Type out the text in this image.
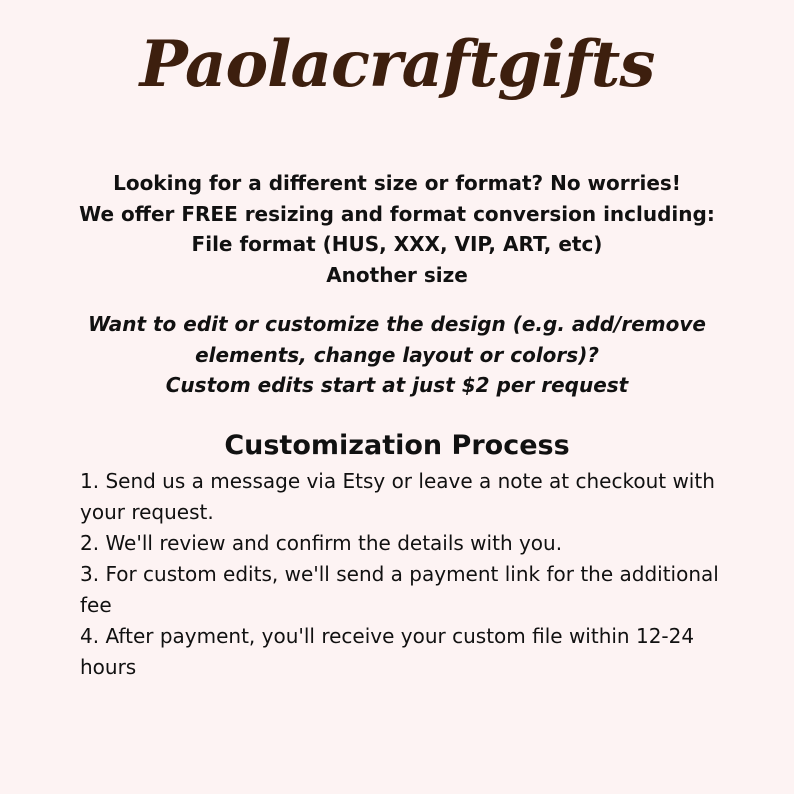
Paolacraftgifts
Looking for a different size or format? No worries!
We offer FREE resizing and format conversion including:
File format (HUS, XXX, VIP, ART, etc)
Another size
Want to edit or customize the design (e.g. add/remove
elements, change layout or colors)?
Custom edits start at just $2 per request
Customization Process
1. Send us a message via Etsy or leave a note at checkout with your request.
2. We'll review and confirm the details with you.
3. For custom edits, we'll send a payment link for the additional fee
4. After payment, you'll receive your custom file within 12-24 hours
